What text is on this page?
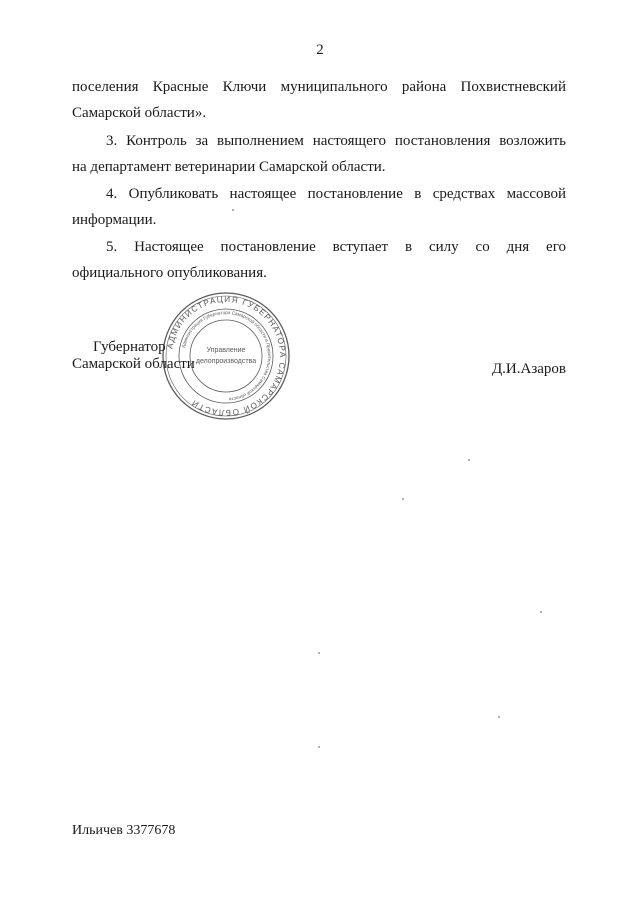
2
поселения Красные Ключи муниципального района Похвистневский
Самарской области».
3. Контроль за выполнением настоящего постановления возложить
на департамент ветеринарии Самарской области.
4. Опубликовать настоящее постановление в средствах массовой
информации.
5. Настоящее постановление вступает в силу со дня его
официального опубликования.
АДМИНИСТРАЦИЯ ГУБЕРНАТОРА САМАРСКОЙ ОБЛАСТИ
Администрация Губернатора Самарской области и Правительства Самарской области
Управление
делопроизводства
Губернатор
Самарской области	Д.И.Азаров
Ильичев 3377678
